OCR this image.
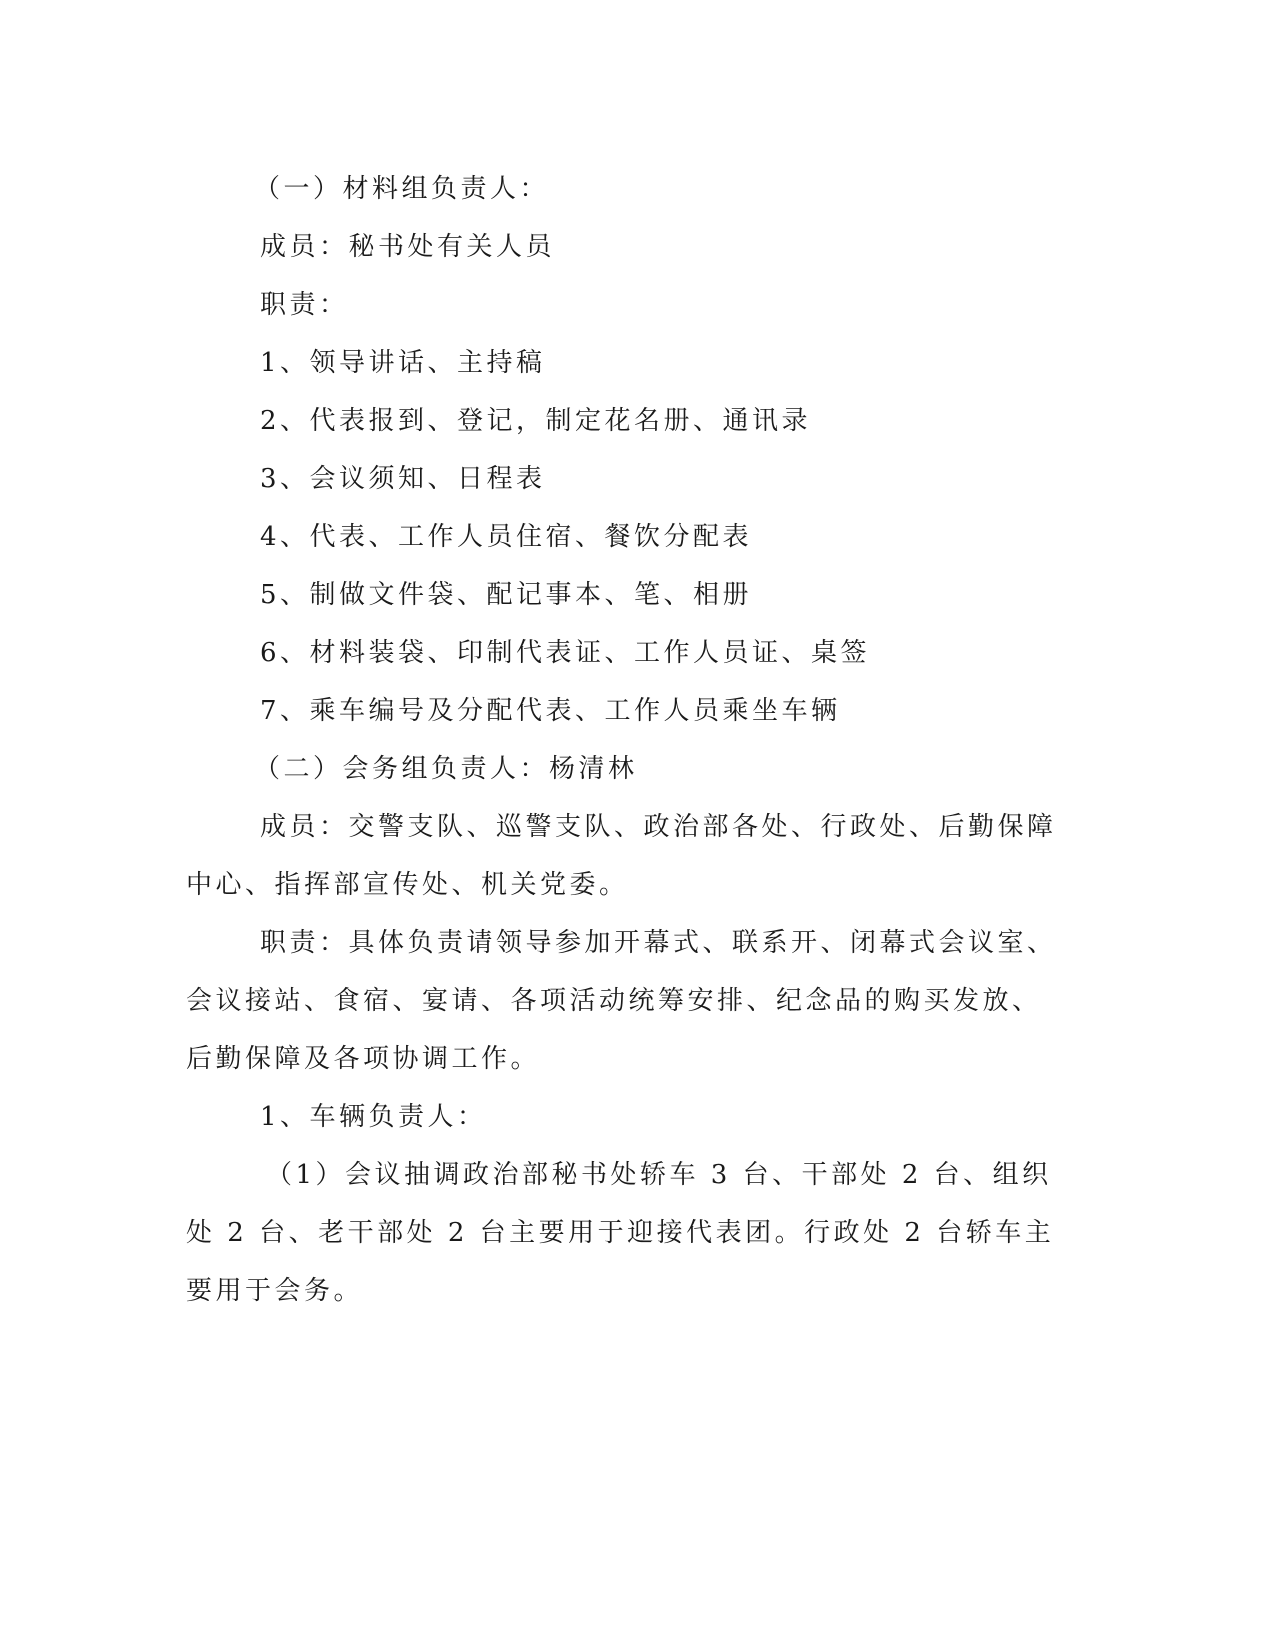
（一）材料组负责人：

成员：秘书处有关人员

职责：

1、领导讲话、主持稿

2、代表报到、登记，制定花名册、通讯录

3、会议须知、日程表

4、代表、工作人员住宿、餐饮分配表

5、制做文件袋、配记事本、笔、相册

6、材料装袋、印制代表证、工作人员证、桌签

7、乘车编号及分配代表、工作人员乘坐车辆

（二）会务组负责人：杨清林

成员：交警支队、巡警支队、政治部各处、行政处、后勤保障中心、指挥部宣传处、机关党委。

职责：具体负责请领导参加开幕式、联系开、闭幕式会议室、会议接站、食宿、宴请、各项活动统筹安排、纪念品的购买发放、后勤保障及各项协调工作。

1、车辆负责人：

（1）会议抽调政治部秘书处轿车 3 台、干部处 2 台、组织处 2 台、老干部处 2 台主要用于迎接代表团。行政处 2 台轿车主要用于会务。
